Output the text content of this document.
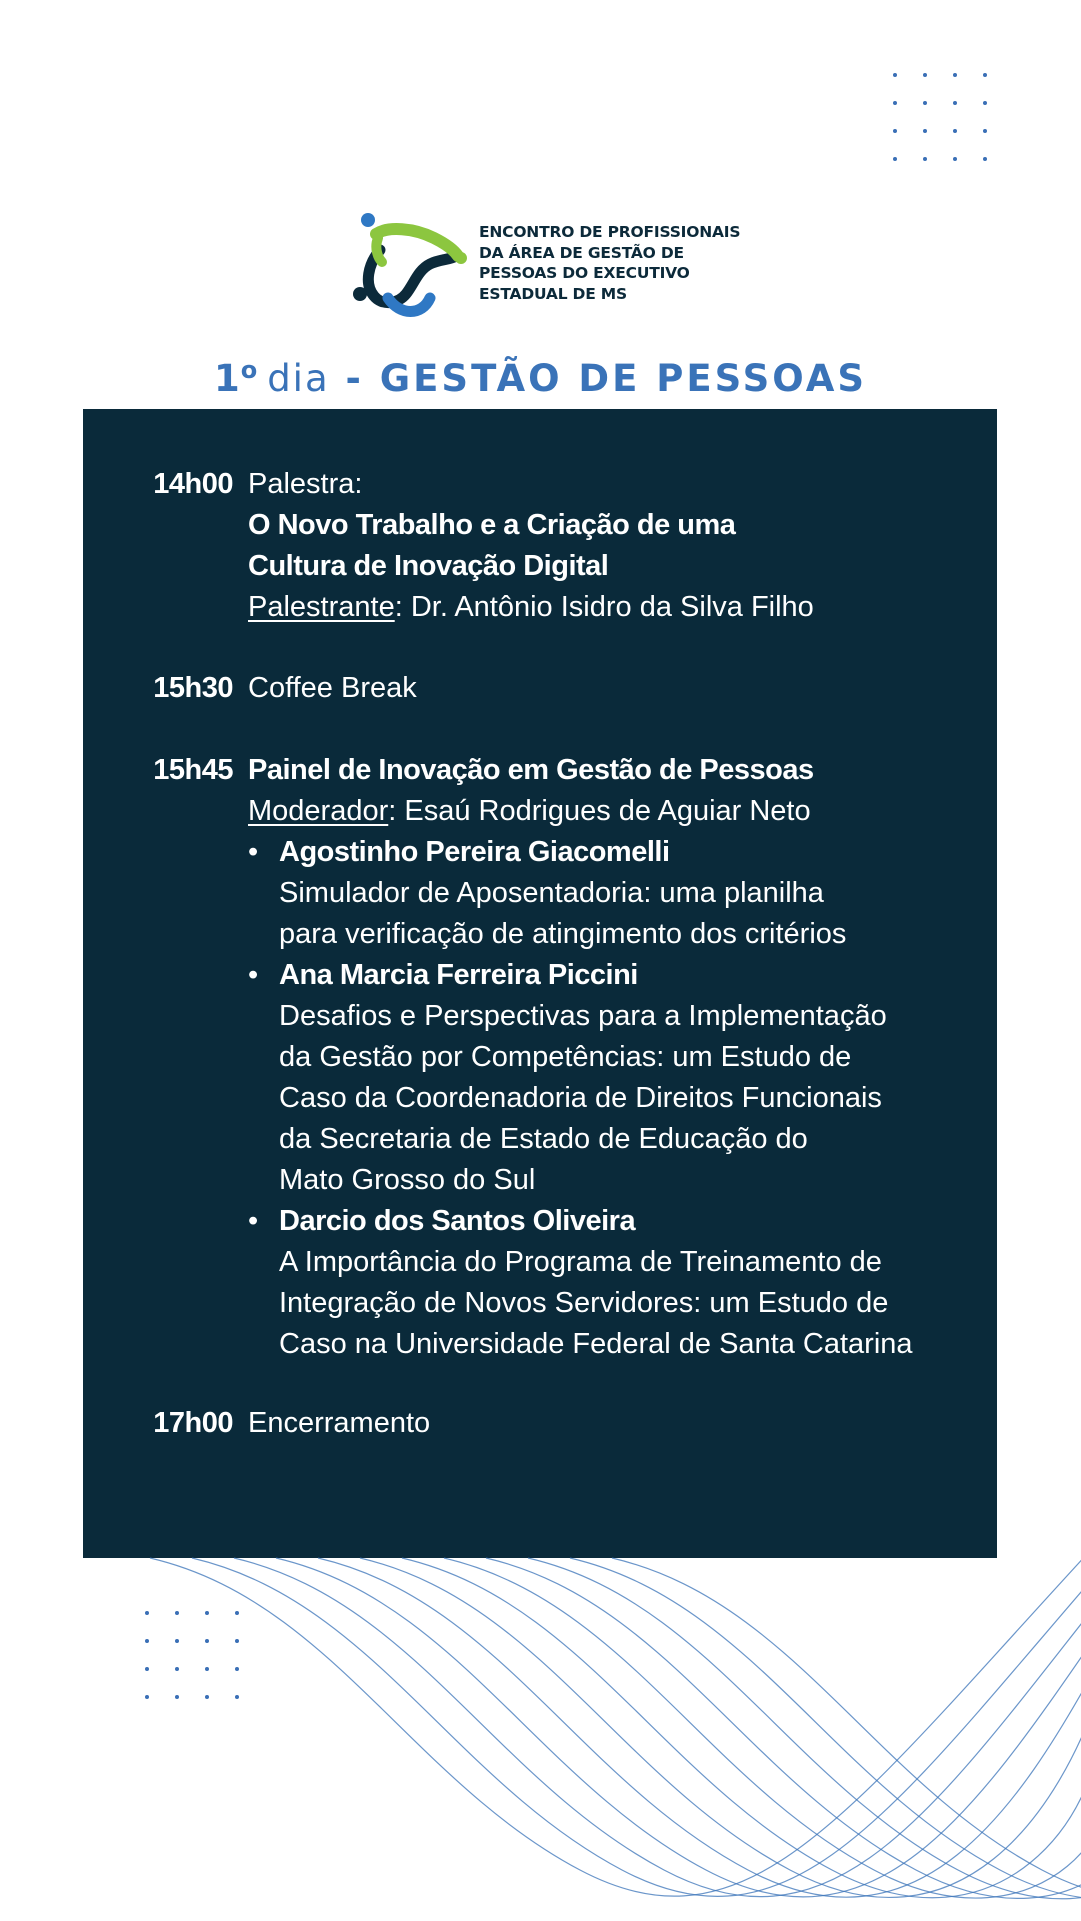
ENCONTRO DE PROFISSIONAIS
DA ÁREA DE GESTÃO DE
PESSOAS DO EXECUTIVO
ESTADUAL DE MS
1$^o$ dia - GESTÃO DE PESSOAS
14h00 Palestra:
O Novo Trabalho e a Criação de uma
Cultura de Inovação Digital
Palestrante: Dr. Antônio Isidro da Silva Filho
15h30 Coffee Break
15h45 Painel de Inovação em Gestão de Pessoas
Moderador: Esaú Rodrigues de Aguiar Neto
• Agostinho Pereira Giacomelli
Simulador de Aposentadoria: uma planilha
para verificação de atingimento dos critérios
• Ana Marcia Ferreira Piccini
Desafios e Perspectivas para a Implementação
da Gestão por Competências: um Estudo de
Caso da Coordenadoria de Direitos Funcionais
da Secretaria de Estado de Educação do
Mato Grosso do Sul
• Darcio dos Santos Oliveira
A Importância do Programa de Treinamento de
Integração de Novos Servidores: um Estudo de
Caso na Universidade Federal de Santa Catarina
17h00 Encerramento
